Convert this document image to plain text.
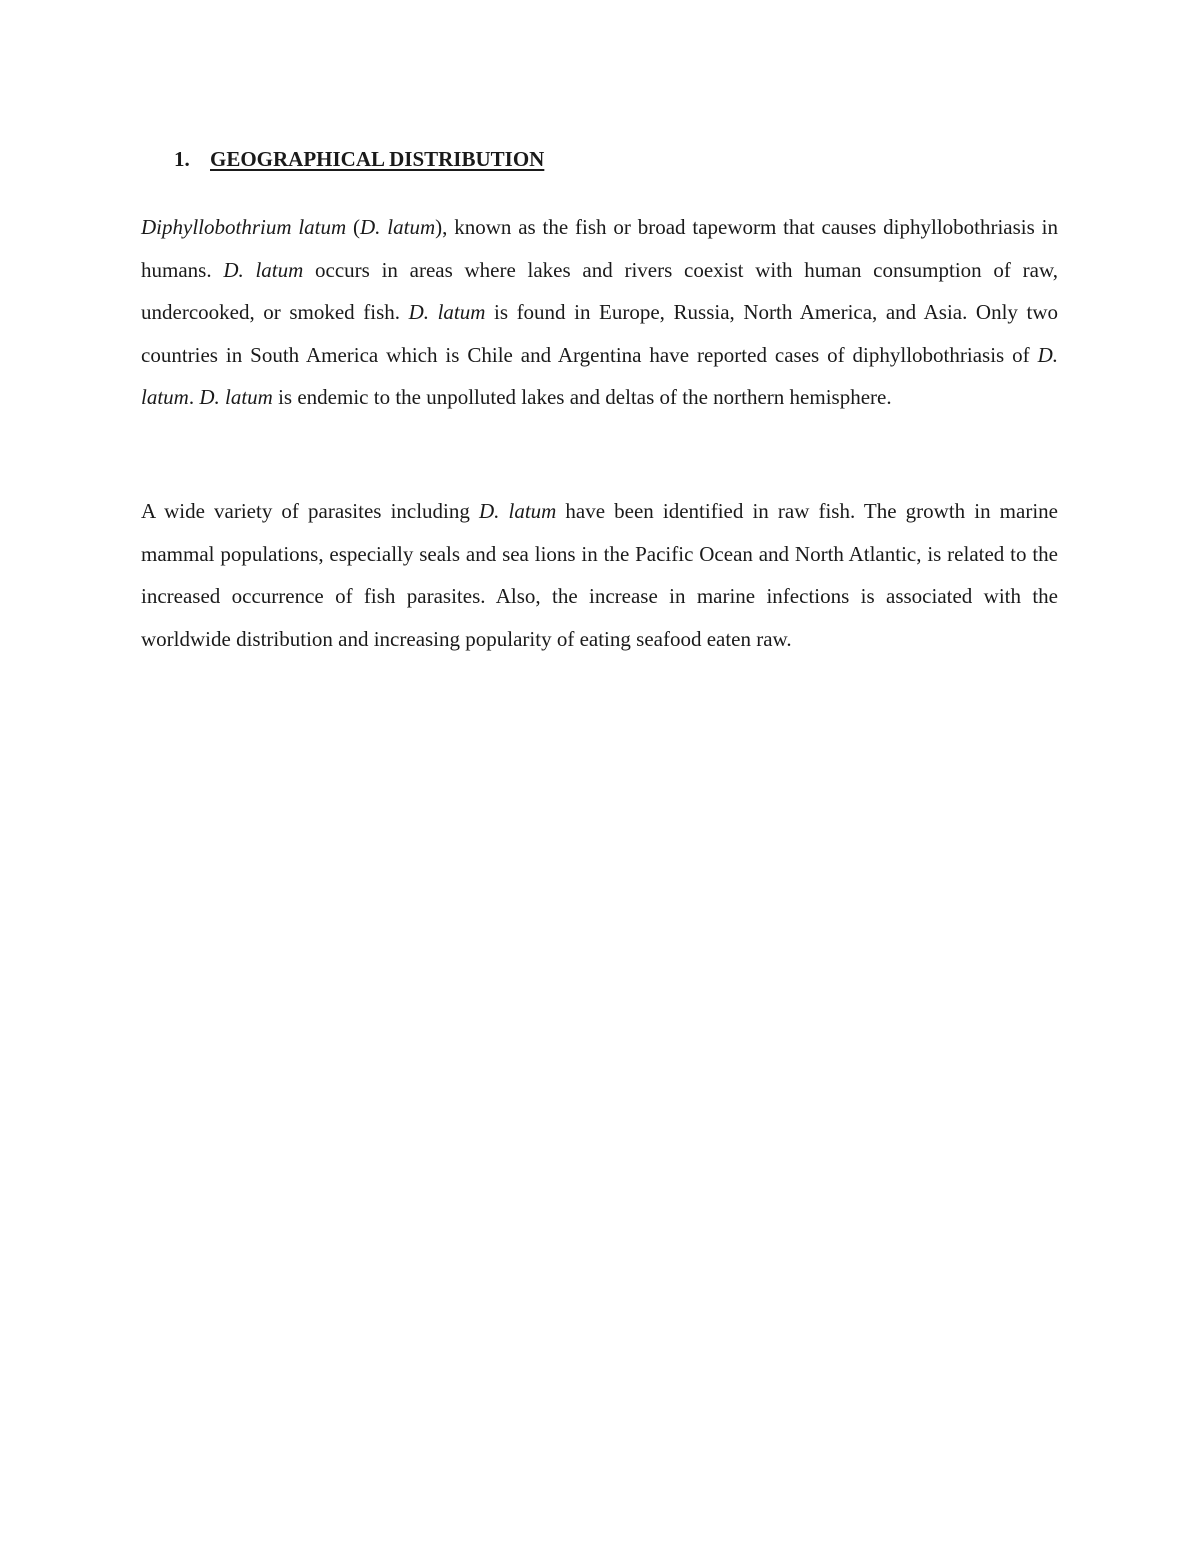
1. GEOGRAPHICAL DISTRIBUTION

Diphyllobothrium latum (D. latum), known as the fish or broad tapeworm that causes diphyllobothriasis in humans. D. latum occurs in areas where lakes and rivers coexist with human consumption of raw, undercooked, or smoked fish. D. latum is found in Europe, Russia, North America, and Asia. Only two countries in South America which is Chile and Argentina have reported cases of diphyllobothriasis of D. latum. D. latum is endemic to the unpolluted lakes and deltas of the northern hemisphere.

A wide variety of parasites including D. latum have been identified in raw fish. The growth in marine mammal populations, especially seals and sea lions in the Pacific Ocean and North Atlantic, is related to the increased occurrence of fish parasites. Also, the increase in marine infections is associated with the worldwide distribution and increasing popularity of eating seafood eaten raw.
